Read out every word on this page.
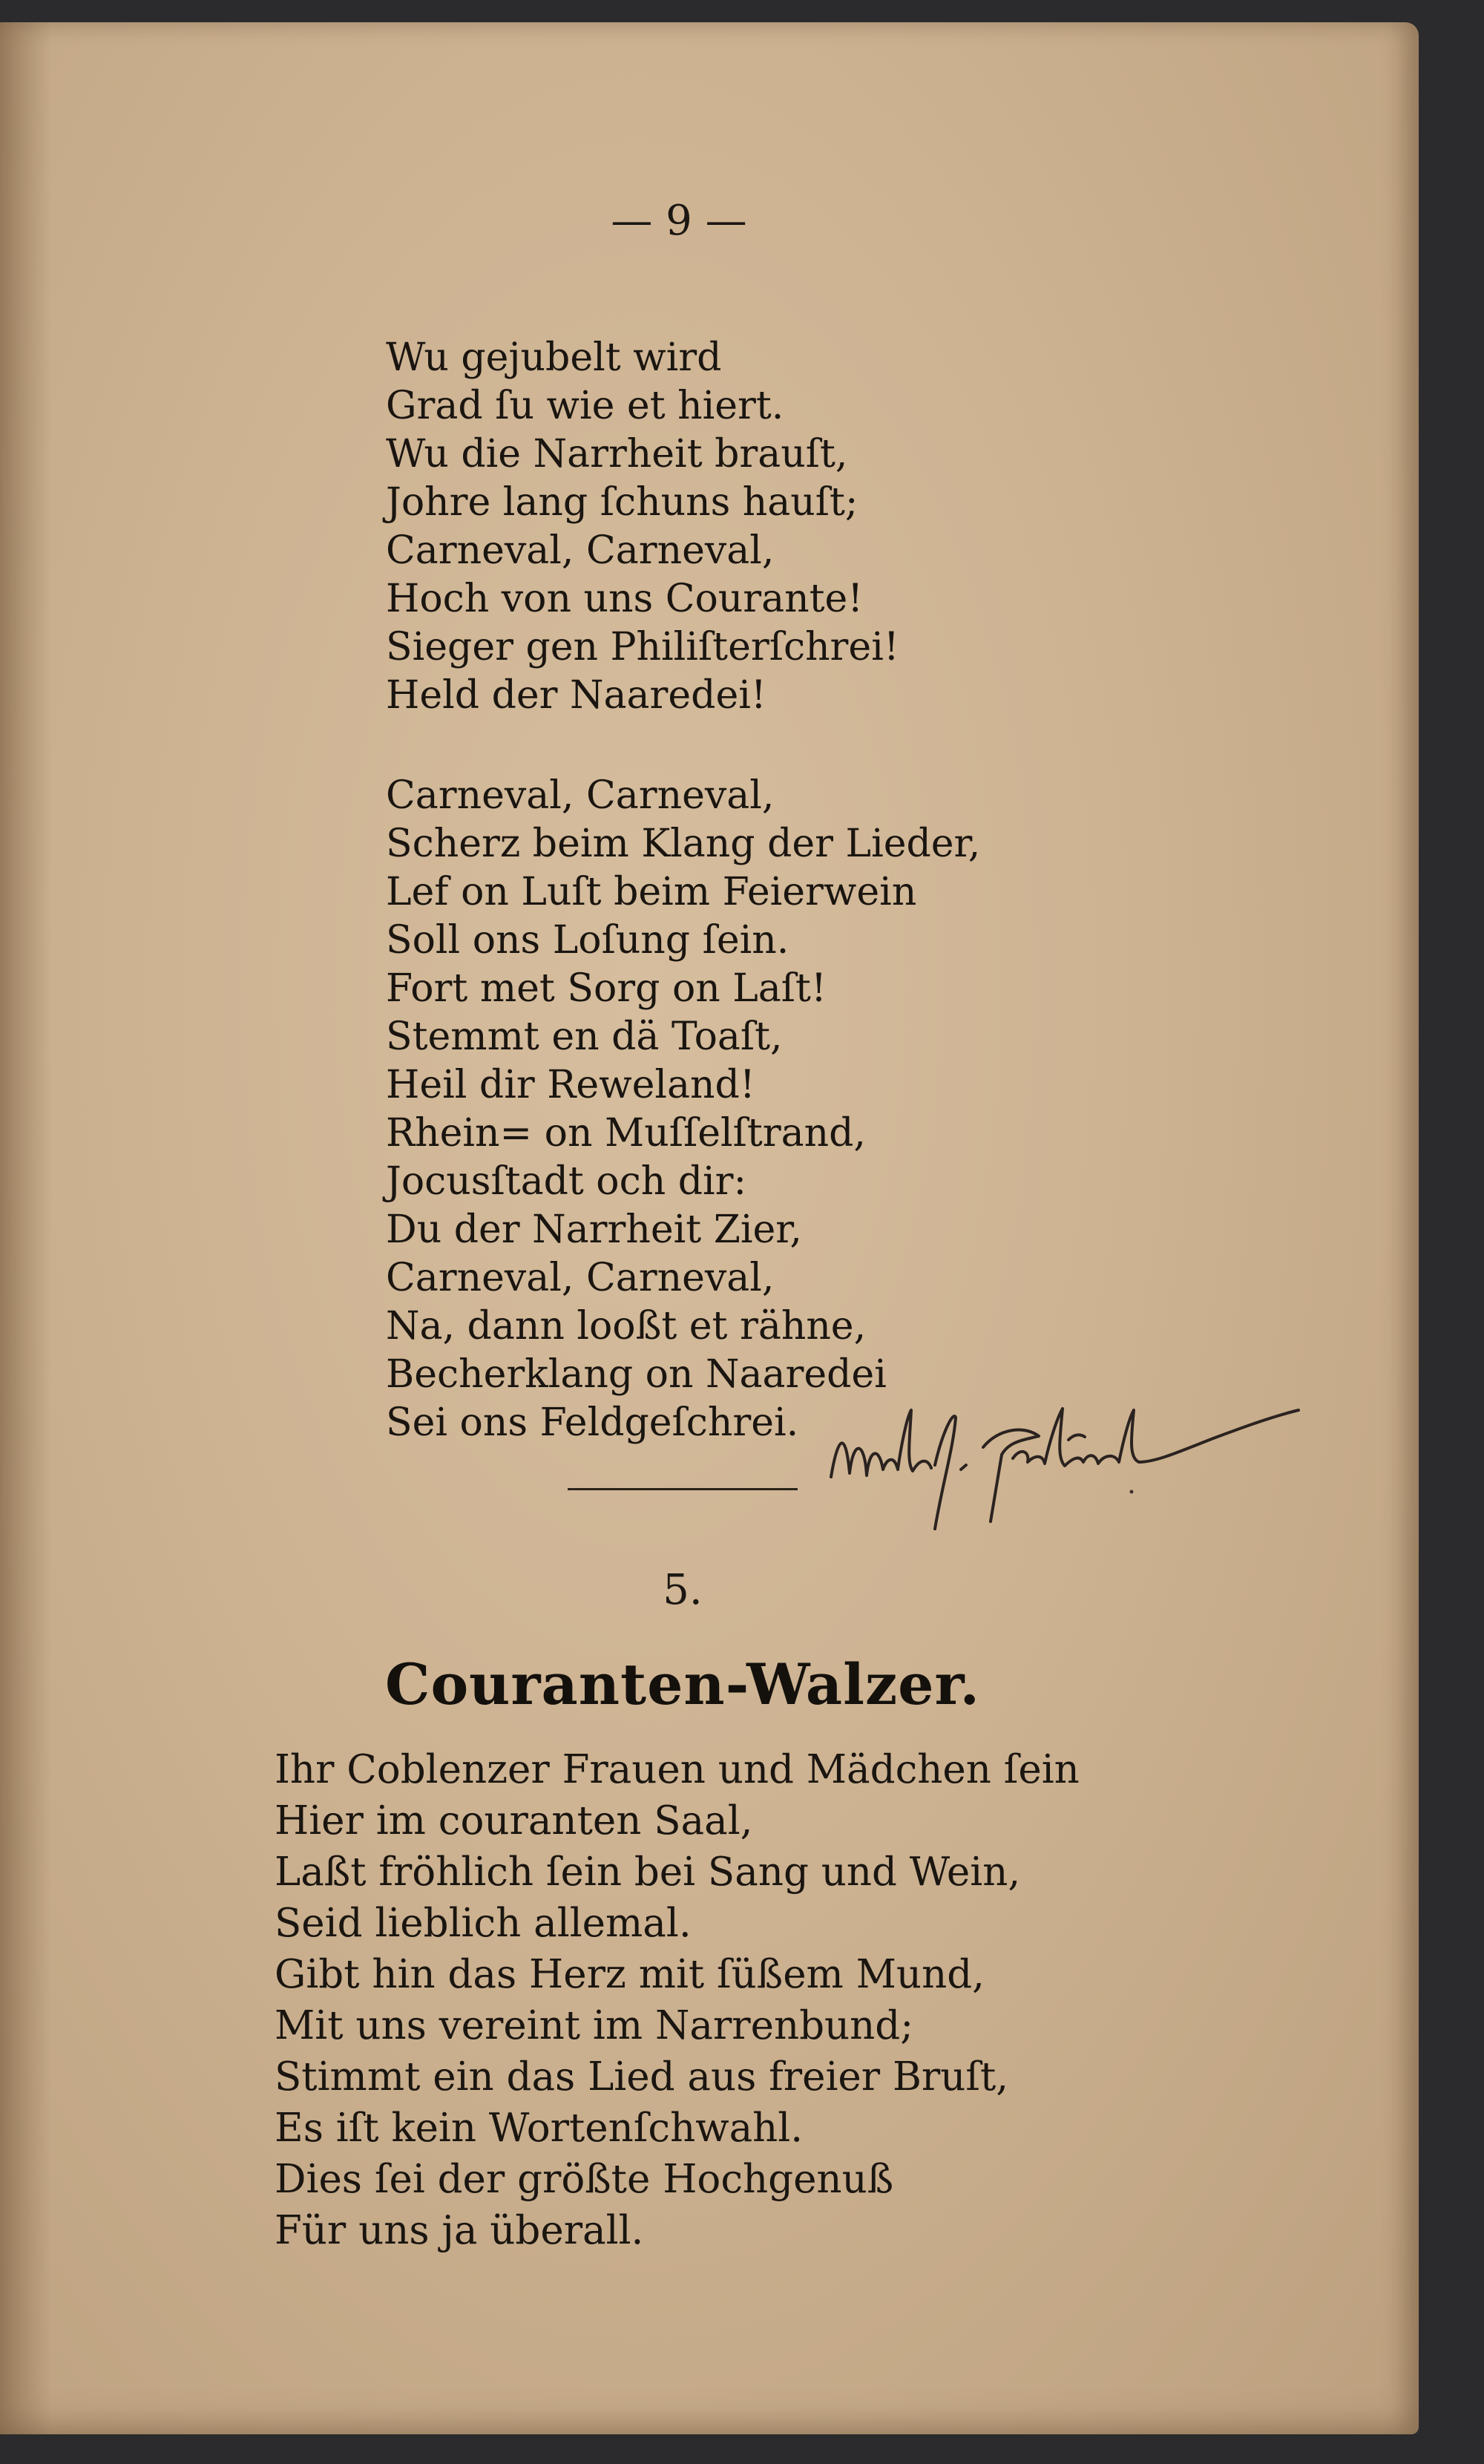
— 9 —
Wu gejubelt wird
Grad ſu wie et hiert.
Wu die Narrheit brauſt,
Johre lang ſchuns hauſt;
Carneval, Carneval,
Hoch von uns Courante!
Sieger gen Philiſterſchrei!
Held der Naaredei!
Carneval, Carneval,
Scherz beim Klang der Lieder,
Lef on Luſt beim Feierwein
Soll ons Loſung ſein.
Fort met Sorg on Laſt!
Stemmt en dä Toaſt,
Heil dir Reweland!
Rhein= on Muſſelſtrand,
Jocusſtadt och dir:
Du der Narrheit Zier,
Carneval, Carneval,
Na, dann looßt et rähne,
Becherklang on Naaredei
Sei ons Feldgeſchrei.
5.
Couranten-Walzer.
Ihr Coblenzer Frauen und Mädchen ſein
Hier im couranten Saal,
Laßt fröhlich ſein bei Sang und Wein,
Seid lieblich allemal.
Gibt hin das Herz mit ſüßem Mund,
Mit uns vereint im Narrenbund;
Stimmt ein das Lied aus freier Bruſt,
Es iſt kein Wortenſchwahl.
Dies ſei der größte Hochgenuß
Für uns ja überall.
